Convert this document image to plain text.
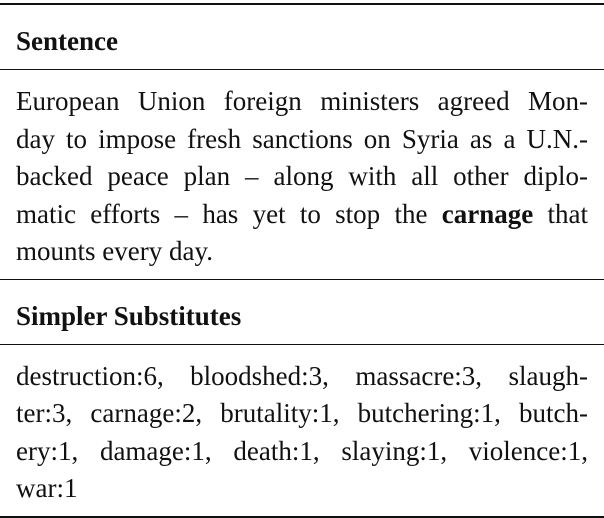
Sentence
European Union foreign ministers agreed Mon-
day to impose fresh sanctions on Syria as a U.N.-
backed peace plan – along with all other diplo-
matic efforts – has yet to stop the carnage that
mounts every day.
Simpler Substitutes
destruction:6, bloodshed:3, massacre:3, slaugh-
ter:3, carnage:2, brutality:1, butchering:1, butch-
ery:1, damage:1, death:1, slaying:1, violence:1,
war:1
